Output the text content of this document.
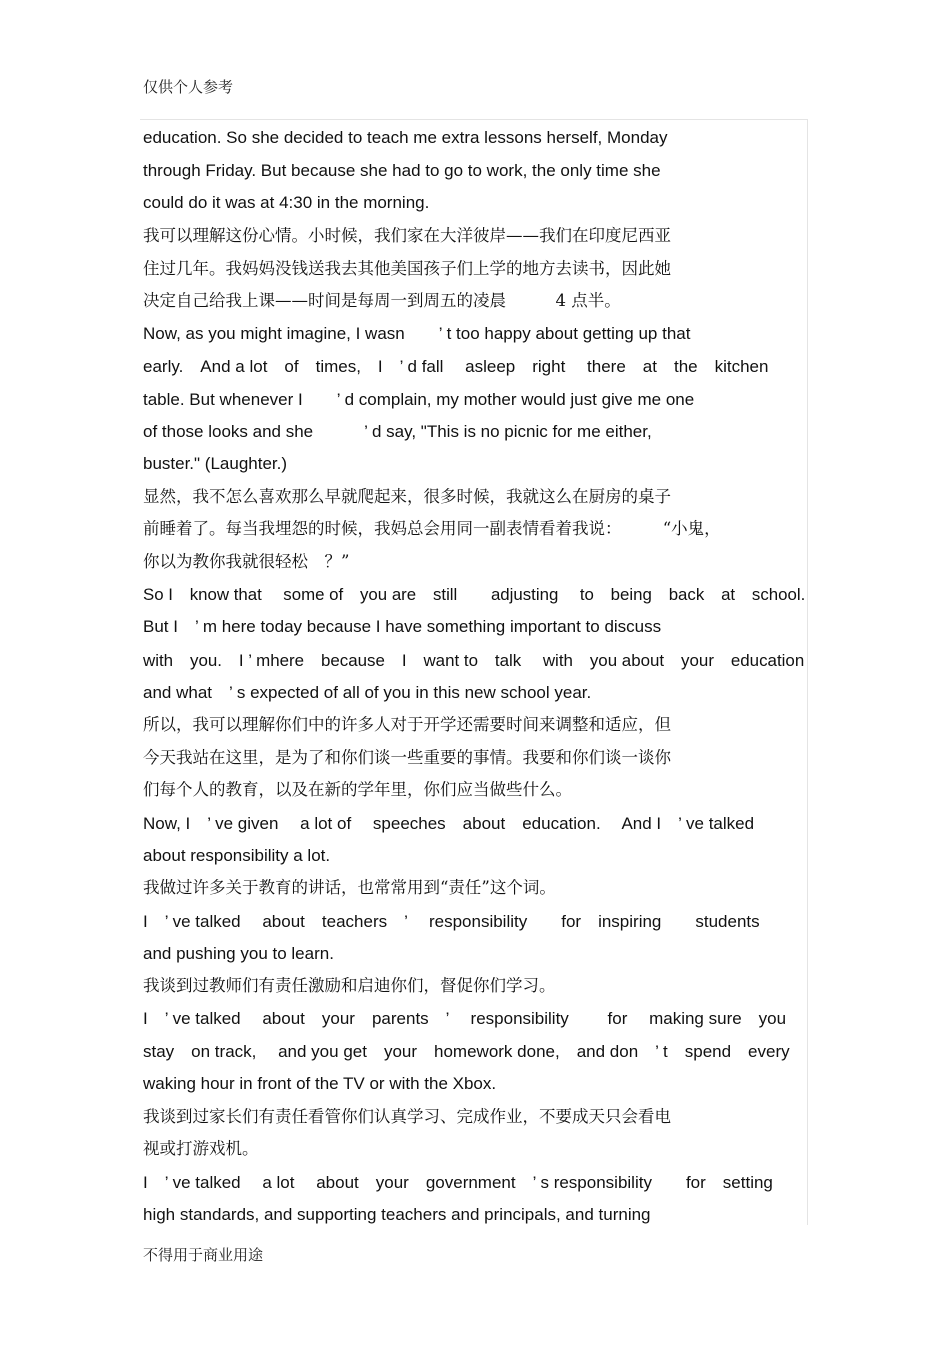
仅供个人参考
education. So she decided to teach me extra lessons herself, Monday
through Friday. But because she had to go to work, the only time she
could do it was at 4:30 in the morning.
我可以理解这份心情。小时候，我们家在大洋彼岸——我们在印度尼西亚
住过几年。我妈妈没钱送我去其他美国孩子们上学的地方去读书，因此她
决定自己给我上课——时间是每周一到周五的凌晨　　　4 点半。
Now, as you might imagine, I wasn　　’ t too happy about getting up that
early.　And a lot　of　times,　I　’ d fall　 asleep　right　 there　at　the　kitchen
table. But whenever I　　’ d complain, my mother would just give me one
of those looks and she　　　’ d say, "This is no picnic for me either,
buster." (Laughter.)
显然，我不怎么喜欢那么早就爬起来，很多时候，我就这么在厨房的桌子
前睡着了。每当我埋怨的时候，我妈总会用同一副表情看着我说：　　　“小鬼，
你以为教你我就很轻松　？”
So I　know that　 some of　you are　still　　adjusting　 to　being　back　at　school.
But I　’ m here today because I have something important to discuss
with　you.　I ’ mhere　because　I　want to　talk　 with　you about　your　education
and what　’ s expected of all of you in this new school year.
所以，我可以理解你们中的许多人对于开学还需要时间来调整和适应，但
今天我站在这里，是为了和你们谈一些重要的事情。我要和你们谈一谈你
们每个人的教育，以及在新的学年里，你们应当做些什么。
Now, I　’ ve given　 a lot of　 speeches　about　education.　 And I　’ ve talked
about responsibility a lot.
我做过许多关于教育的讲话，也常常用到“责任”这个词。
I　’ ve talked　 about　teachers　’　 responsibility　　for　inspiring　　students
and pushing you to learn.
我谈到过教师们有责任激励和启迪你们，督促你们学习。
I　’ ve talked　 about　your　parents　’　 responsibility　　 for　 making sure　you
stay　on track,　 and you get　your　homework done,　and don　’ t　spend　every
waking hour in front of the TV or with the Xbox.
我谈到过家长们有责任看管你们认真学习、完成作业，不要成天只会看电
视或打游戏机。
I　’ ve talked　 a lot　 about　your　government　’ s responsibility　　for　setting
high standards, and supporting teachers and principals, and turning
不得用于商业用途
